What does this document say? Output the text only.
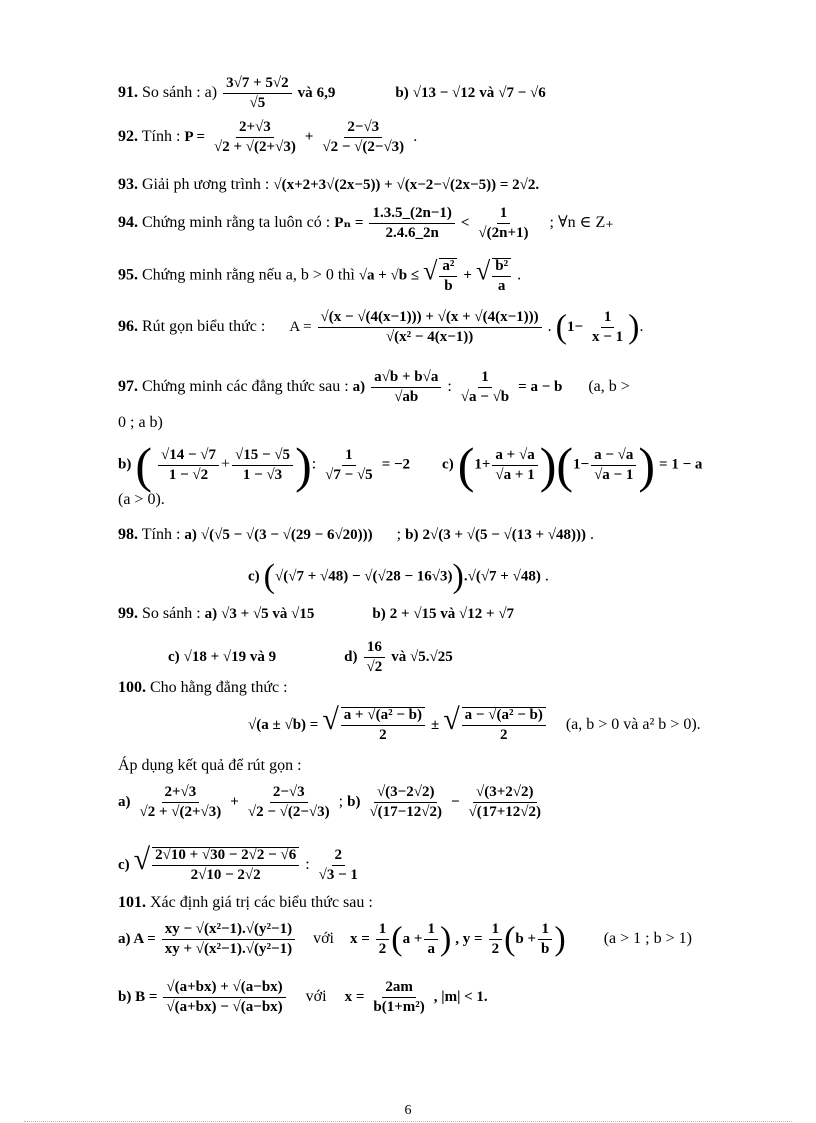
91. So sánh : $a) \frac{3√7 + 5√2}{√5}$ và 6,9	b) √13 − √12 và √7 − √6
92. Tính : $P = \frac{2+√3}{√2 + √(2+√3)} + \frac{2-√3}{√2 - √(2-√3)}$ .
93. Giải ph ương trình : √(x+2+3√(2x−5)) + √(x−2−√(2x−5)) = 2√2.
94. Chứng minh rằng ta luôn có : $P_n = \frac{1.3.5\_(2n-1)}{2.4.6\_2n} < \frac{1}{√(2n+1)}$ ; ∀n ∈ Z₊
95. Chứng minh rằng nếu a, b > 0 thì √a + √b ≤ √ $\frac{\text{a²}}{b}$ + √ $\frac{\text{b²}}{a}$ .
96. Rút gọn biểu thức : $A = \frac{√(x - √(4(x-1))) + √(x + √(4(x-1)))}{\text{√(x² − 4(x−1))}}$ . ($1- \frac{1}{x - 1}$ ).
97. Chứng minh các đẳng thức sau : $a) \frac{a√b + b√a}{√ab}$ : $\frac{1}{√a - √b} = a - b$ (a, b >
0 ; a b)
b) ( $\frac{√14 - √7}{1 - √2} + \frac{√15 - √5}{1 - √3}$ ): $\frac{1}{√7 - √5} = -2$ c) $(1+ \frac{a + √a}{√a + 1} )(1- \frac{a - √a}{√a - 1}$ ) = 1 − a
(a > 0).
98. Tính : a) √(√5 − √(3 − √(29 − 6√20))) ; b) 2√(3 + √(5 − √(13 + √48))) .
c) (√(√7 + √48) − √(√28 − 16√3)).√(√7 + √48) .
99. So sánh : a) √3 + √5 và √15	b) 2 + √15 và √12 + √7
c) √18 + √19 và 9	$d) \frac{16}{√2}$ và √5.√25
100. Cho hằng đẳng thức :
√(a ± √b) = √ $\frac{\text{a + √(a² − b)}}{2}$ ± √ $\frac{\text{a − √(a² − b)}}{2} (a$, b > 0 và a² b > 0).
Áp dụng kết quả để rút gọn :
$a) \frac{2+√3}{√2 + √(2+√3)} + \frac{2-√3}{√2 - √(2-√3)}$ ; $b) \frac{√(3-2√2)}{√(17-12√2)} - \frac{√(3+2√2)}{√(17+12√2)}$
c) √ $\frac{2√10 + √30 - 2√2 - √6}{2√10 - 2√2}$ : $\frac{2}{√3 - 1}$
101. Xác định giá trị các biểu thức sau :
a) $A = \frac{\text{xy − √(x²−1).√(y²−1)}}{\text{xy + √(x²−1).√(y²−1)}}$ với $x = \frac{1}{2} (a + \frac{1}{a}$ ) , $y = \frac{1}{2} (b + \frac{1}{b}$ ) (a > 1 ; b > 1)
b) $B = \frac{√(a+bx) + √(a-bx)}{√(a+bx) - √(a-bx)}$ với $x = \frac{2am}{\text{b(1+m²)}}$ , |m| < 1.
6
